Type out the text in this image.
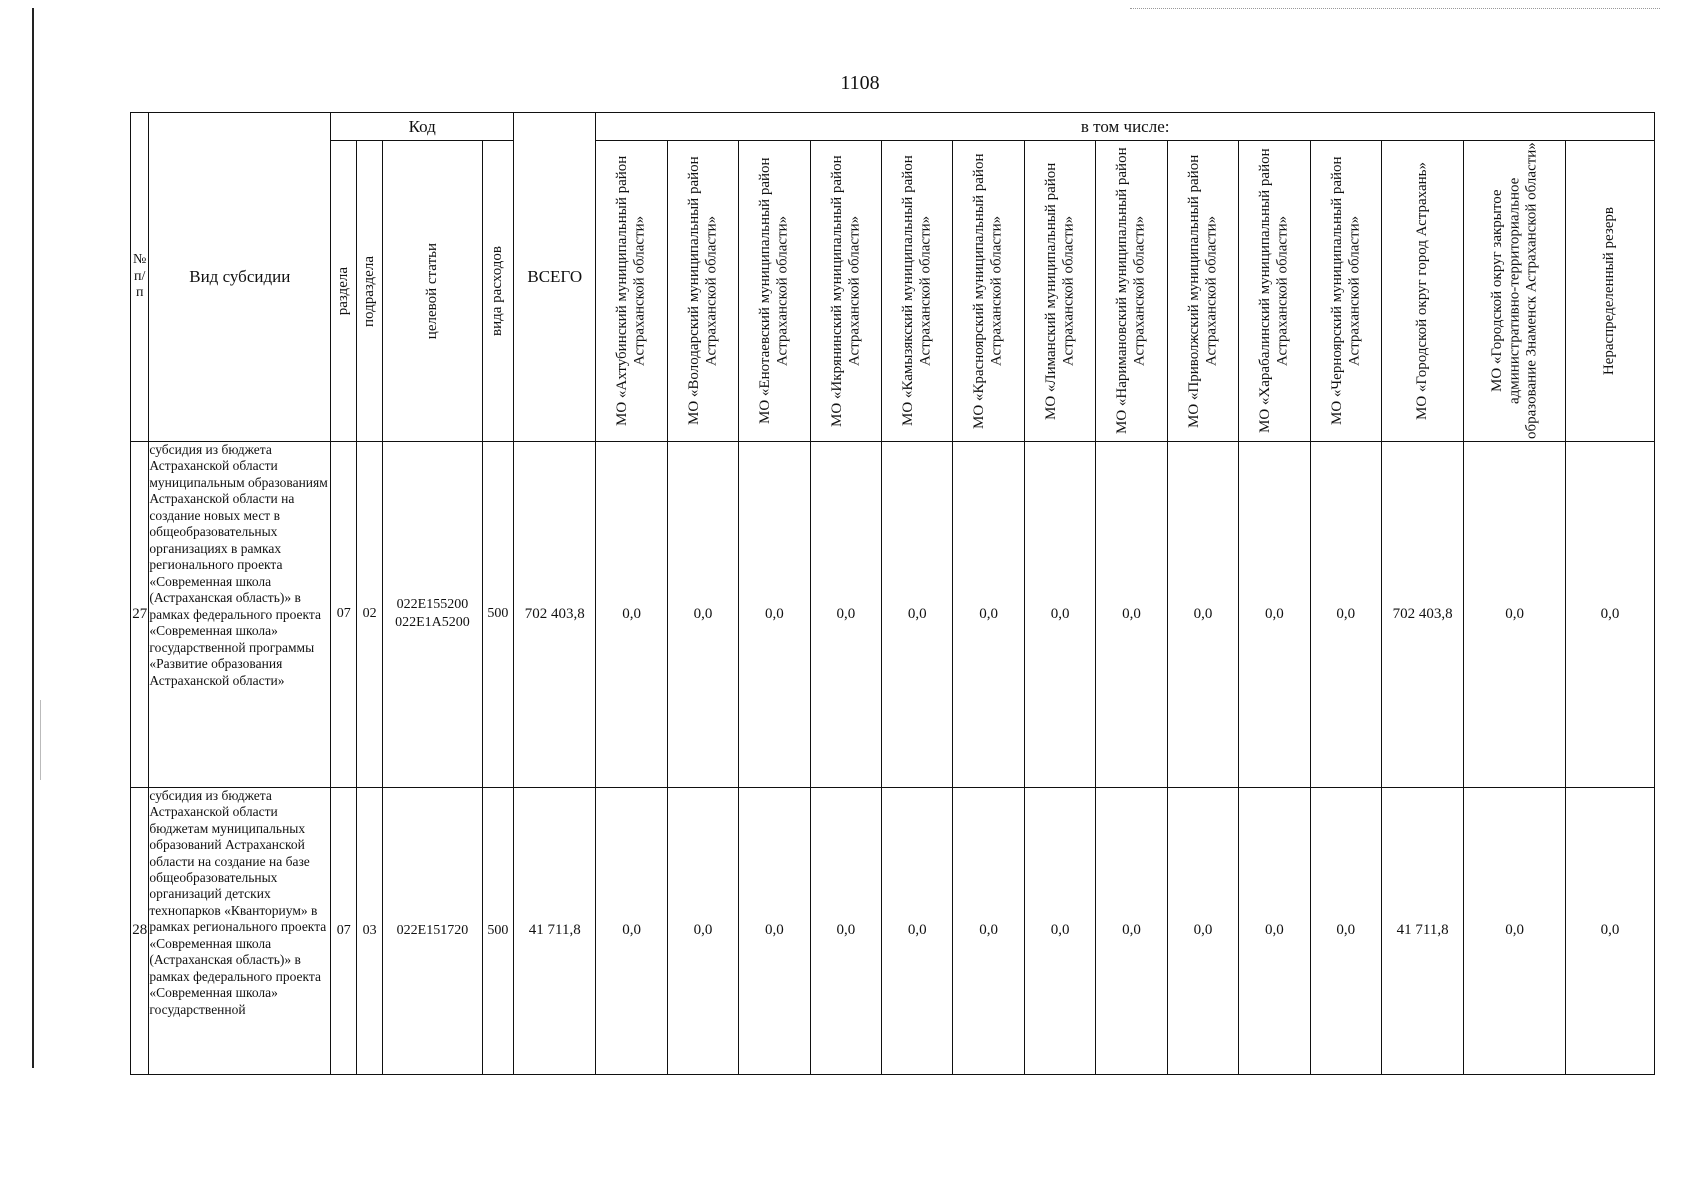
1108
№ п/п	Вид субсидии	Код				ВСЕГО	в том числе:													

		раздела	подраздела	целевой статьи	вида расходов		МО «Ахтубинский муниципальный район Астраханской области»	МО «Володарский муниципальный район Астраханской области»	МО «Енотаевский муниципальный район Астраханской области»	МО «Икрянинский муниципальный район Астраханской области»	МО «Камызякский муниципальный район Астраханской области»	МО «Красноярский муниципальный район Астраханской области»	МО «Лиманский муниципальный район Астраханской области»	МО «Наримановский муниципальный район Астраханской области»	МО «Приволжский муниципальный район Астраханской области»	МО «Харабалинский муниципальный район Астраханской области»	МО «Черноярский муниципальный район Астраханской области»	МО «Городской округ город Астрахань»	МО «Городской округ закрытое административно-территориальное образование Знаменск Астраханской области»	Нераспределенный резерв

27	субсидия из бюджета Астраханской области муниципальным образованиям Астраханской области на создание новых мест в общеобразовательных организациях в рамках регионального проекта «Современная школа (Астраханская область)» в рамках федерального проекта «Современная школа» государственной программы «Развитие образования Астраханской области»	07	02	022E155200 022E1A5200	500	702 403,8	0,0	0,0	0,0	0,0	0,0	0,0	0,0	0,0	0,0	0,0	0,0	702 403,8	0,0	0,0
28	субсидия из бюджета Астраханской области бюджетам муниципальных образований Астраханской области на создание на базе общеобразовательных организаций детских технопарков «Кванториум» в рамках регионального проекта «Современная школа (Астраханская область)» в рамках федерального проекта «Современная школа» государственной	07	03	022E151720	500	41 711,8	0,0	0,0	0,0	0,0	0,0	0,0	0,0	0,0	0,0	0,0	0,0	41 711,8	0,0	0,0
